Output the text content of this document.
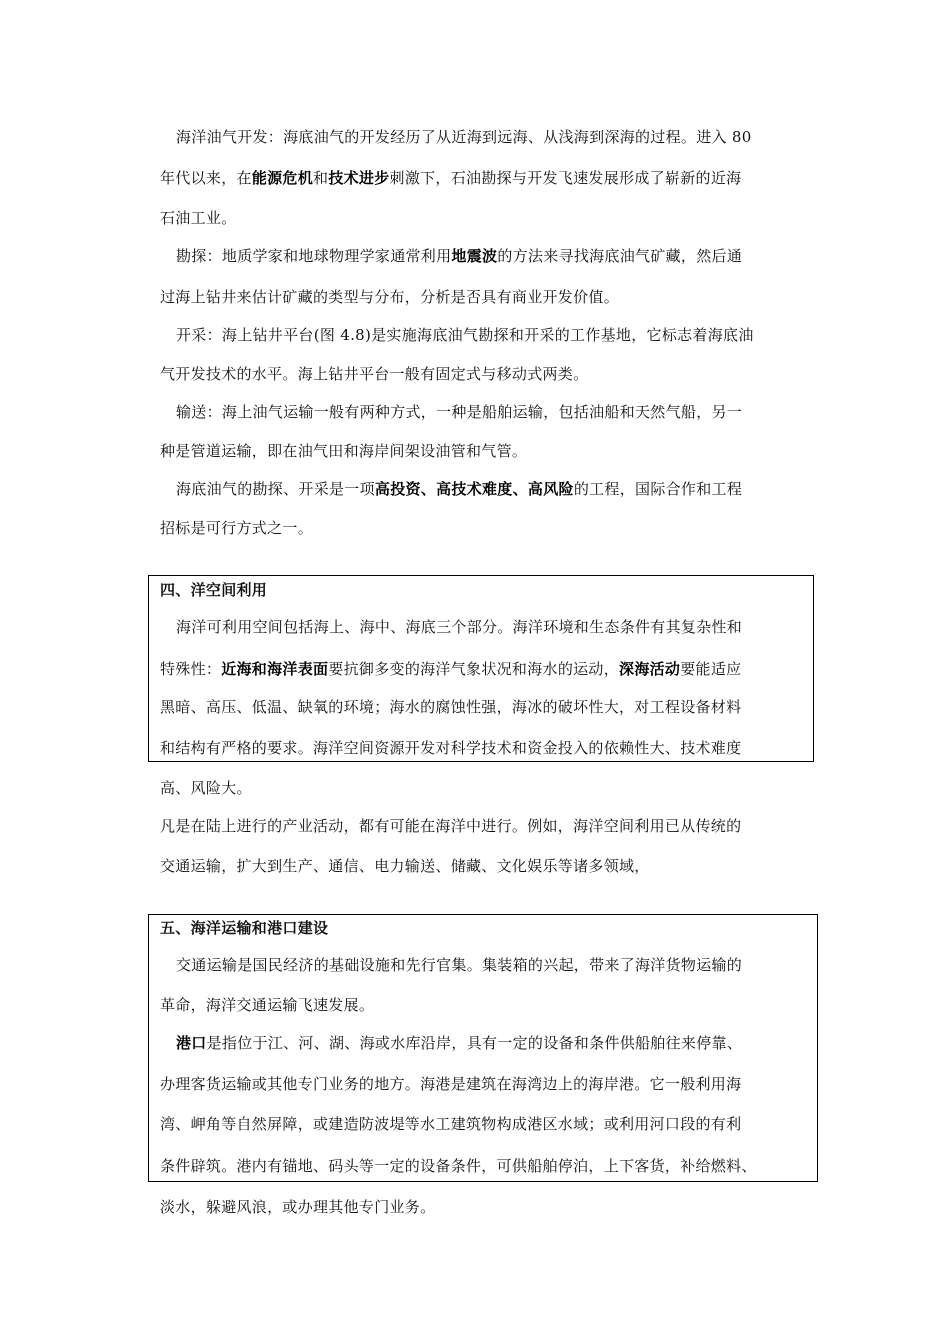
海洋油气开发：海底油气的开发经历了从近海到远海、从浅海到深海的过程。进入 80
年代以来，在能源危机和技术进步刺激下，石油勘探与开发飞速发展形成了崭新的近海
石油工业。
勘探：地质学家和地球物理学家通常利用地震波的方法来寻找海底油气矿藏，然后通
过海上钻井来估计矿藏的类型与分布，分析是否具有商业开发价值。
开采：海上钻井平台(图 4.8)是实施海底油气勘探和开采的工作基地，它标志着海底油
气开发技术的水平。海上钻井平台一般有固定式与移动式两类。
输送：海上油气运输一般有两种方式，一种是船舶运输，包括油船和天然气船，另一
种是管道运输，即在油气田和海岸间架设油管和气管。
海底油气的勘探、开采是一项高投资、高技术难度、高风险的工程，国际合作和工程
招标是可行方式之一。
四、洋空间利用
海洋可利用空间包括海上、海中、海底三个部分。海洋环境和生态条件有其复杂性和
特殊性：近海和海洋表面要抗御多变的海洋气象状况和海水的运动，深海活动要能适应
黑暗、高压、低温、缺氧的环境；海水的腐蚀性强，海冰的破坏性大，对工程设备材料
和结构有严格的要求。海洋空间资源开发对科学技术和资金投入的依赖性大、技术难度
高、风险大。
凡是在陆上进行的产业活动，都有可能在海洋中进行。例如，海洋空间利用已从传统的
交通运输，扩大到生产、通信、电力输送、储藏、文化娱乐等诸多领域，
五、海洋运输和港口建设
交通运输是国民经济的基础设施和先行官集。集装箱的兴起，带来了海洋货物运输的
革命，海洋交通运输飞速发展。
港口是指位于江、河、湖、海或水库沿岸，具有一定的设备和条件供船舶往来停靠、
办理客货运输或其他专门业务的地方。海港是建筑在海湾边上的海岸港。它一般利用海
湾、岬角等自然屏障，或建造防波堤等水工建筑物构成港区水域；或利用河口段的有利
条件辟筑。港内有锚地、码头等一定的设备条件，可供船舶停泊，上下客货，补给燃料、
淡水，躲避风浪，或办理其他专门业务。
